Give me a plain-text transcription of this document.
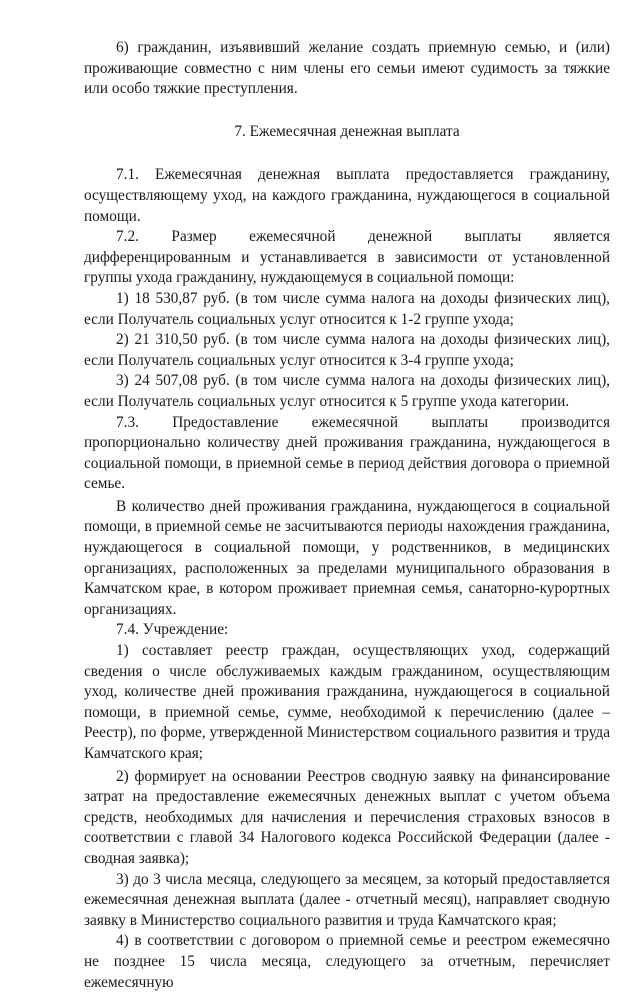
6) гражданин, изъявивший желание создать приемную семью, и (или) проживающие совместно с ним члены его семьи имеют судимость за тяжкие или особо тяжкие преступления.

7. Ежемесячная денежная выплата

7.1. Ежемесячная денежная выплата предоставляется гражданину, осуществляющему уход, на каждого гражданина, нуждающегося в социальной помощи.

7.2. Размер ежемесячной денежной выплаты является дифференцированным и устанавливается в зависимости от установленной группы ухода гражданину, нуждающемуся в социальной помощи:

1) 18 530,87 руб. (в том числе сумма налога на доходы физических лиц), если Получатель социальных услуг относится к 1-2 группе ухода;

2) 21 310,50 руб. (в том числе сумма налога на доходы физических лиц), если Получатель социальных услуг относится к 3-4 группе ухода;

3) 24 507,08 руб. (в том числе сумма налога на доходы физических лиц), если Получатель социальных услуг относится к 5 группе ухода категории.

7.3. Предоставление ежемесячной выплаты производится пропорционально количеству дней проживания гражданина, нуждающегося в социальной помощи, в приемной семье в период действия договора о приемной семье.

В количество дней проживания гражданина, нуждающегося в социальной помощи, в приемной семье не засчитываются периоды нахождения гражданина, нуждающегося в социальной помощи, у родственников, в медицинских организациях, расположенных за пределами муниципального образования в Камчатском крае, в котором проживает приемная семья, санаторно-курортных организациях.

7.4. Учреждение:

1) составляет реестр граждан, осуществляющих уход, содержащий сведения о числе обслуживаемых каждым гражданином, осуществляющим уход, количестве дней проживания гражданина, нуждающегося в социальной помощи, в приемной семье, сумме, необходимой к перечислению (далее – Реестр), по форме, утвержденной Министерством социального развития и труда Камчатского края;

2) формирует на основании Реестров сводную заявку на финансирование затрат на предоставление ежемесячных денежных выплат с учетом объема средств, необходимых для начисления и перечисления страховых взносов в соответствии с главой 34 Налогового кодекса Российской Федерации (далее - сводная заявка);

3) до 3 числа месяца, следующего за месяцем, за который предоставляется ежемесячная денежная выплата (далее - отчетный месяц), направляет сводную заявку в Министерство социального развития и труда Камчатского края;

4) в соответствии с договором о приемной семье и реестром ежемесячно не позднее 15 числа месяца, следующего за отчетным, перечисляет ежемесячную
